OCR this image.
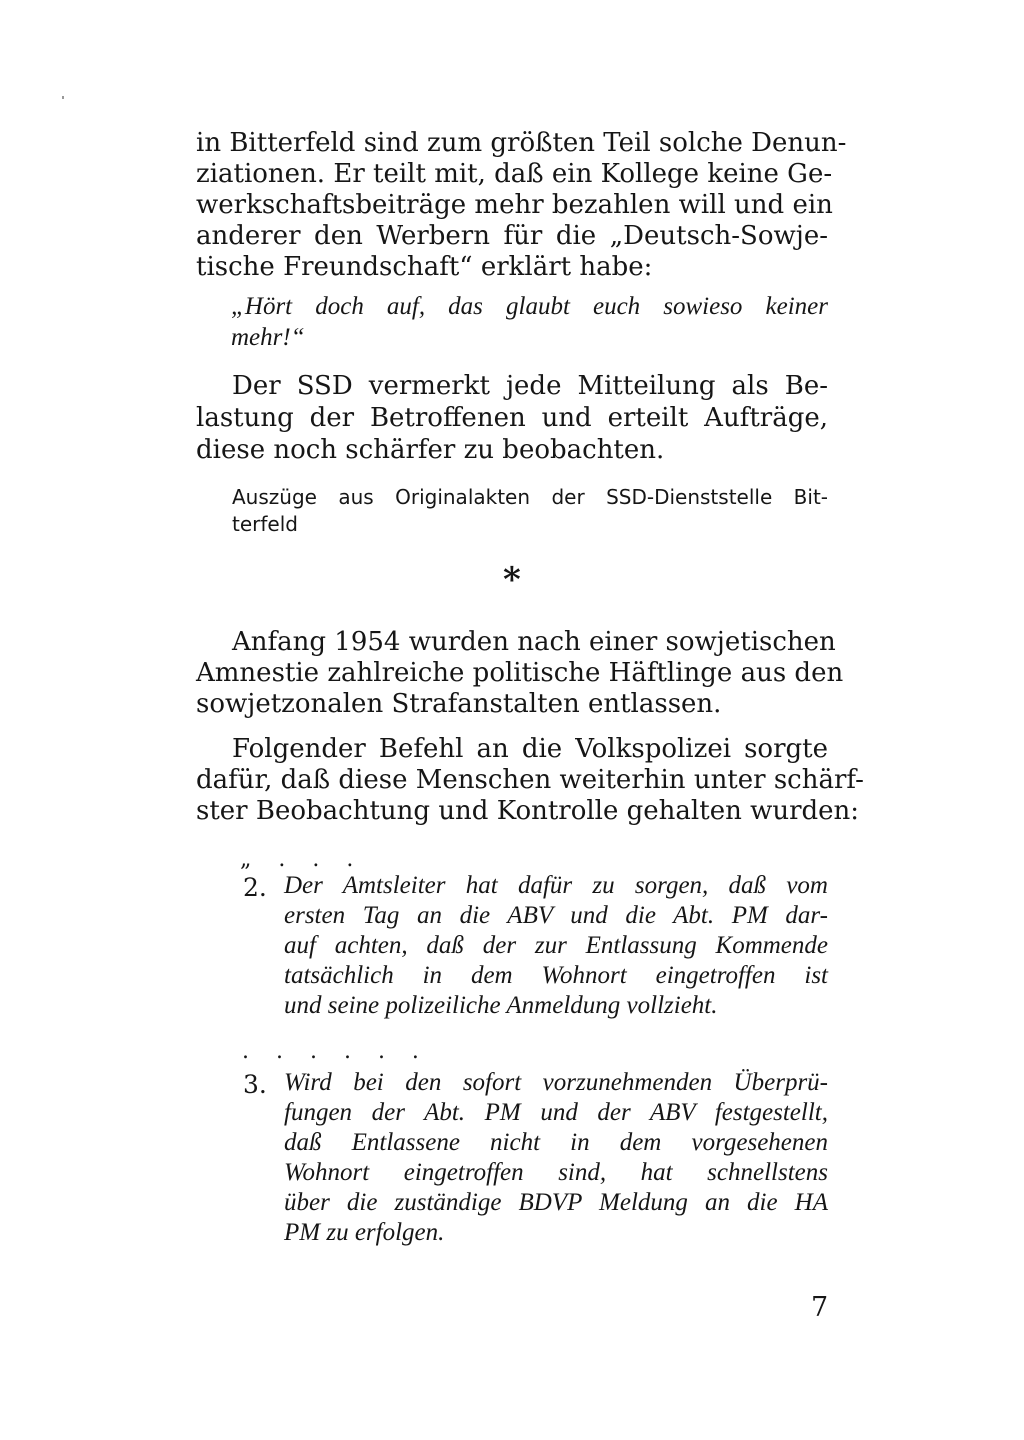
in Bitterfeld sind zum größten Teil solche Denun-

ziationen. Er teilt mit, daß ein Kollege keine Ge-

werkschaftsbeiträge mehr bezahlen will und ein

anderer den Werbern für die „Deutsch-Sowje-

tische Freundschaft“ erklärt habe:

„Hört doch auf, das glaubt euch sowieso keiner

mehr!“

Der SSD vermerkt jede Mitteilung als Be-

lastung der Betroffenen und erteilt Aufträge,

diese noch schärfer zu beobachten.

Auszüge aus Originalakten der SSD-Dienststelle Bit-

terfeld

*

Anfang 1954 wurden nach einer sowjetischen

Amnestie zahlreiche politische Häftlinge aus den

sowjetzonalen Strafanstalten entlassen.

Folgender Befehl an die Volkspolizei sorgte

dafür, daß diese Menschen weiterhin unter schärf-

ster Beobachtung und Kontrolle gehalten wurden:

„ . . .
2. Der Amtsleiter hat dafür zu sorgen, daß vom

ersten Tag an die ABV und die Abt. PM dar-

auf achten, daß der zur Entlassung Kommende

tatsächlich in dem Wohnort eingetroffen ist

und seine polizeiliche Anmeldung vollzieht.

. . . . . .
3. Wird bei den sofort vorzunehmenden Überprü-

fungen der Abt. PM und der ABV festgestellt,

daß Entlassene nicht in dem vorgesehenen

Wohnort eingetroffen sind, hat schnellstens

über die zuständige BDVP Meldung an die HA

PM zu erfolgen.

7
